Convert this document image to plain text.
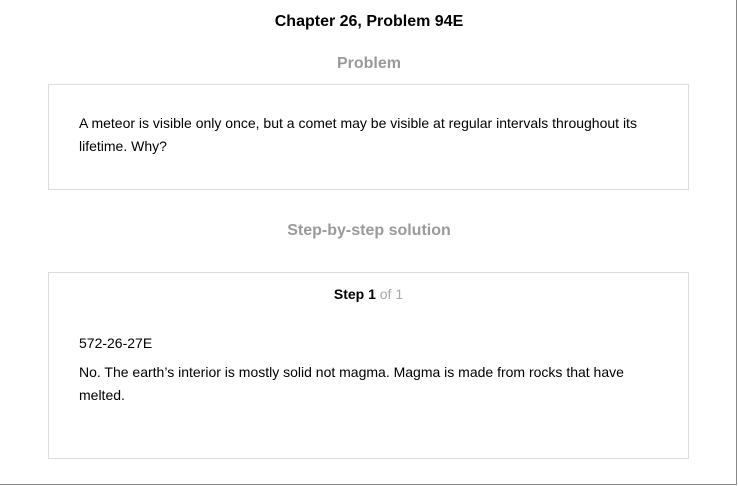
Chapter 26, Problem 94E
Problem
A meteor is visible only once, but a comet may be visible at regular intervals throughout its lifetime. Why?
Step-by-step solution
Step 1 of 1
572-26-27E
No. The earth’s interior is mostly solid not magma. Magma is made from rocks that have melted.
